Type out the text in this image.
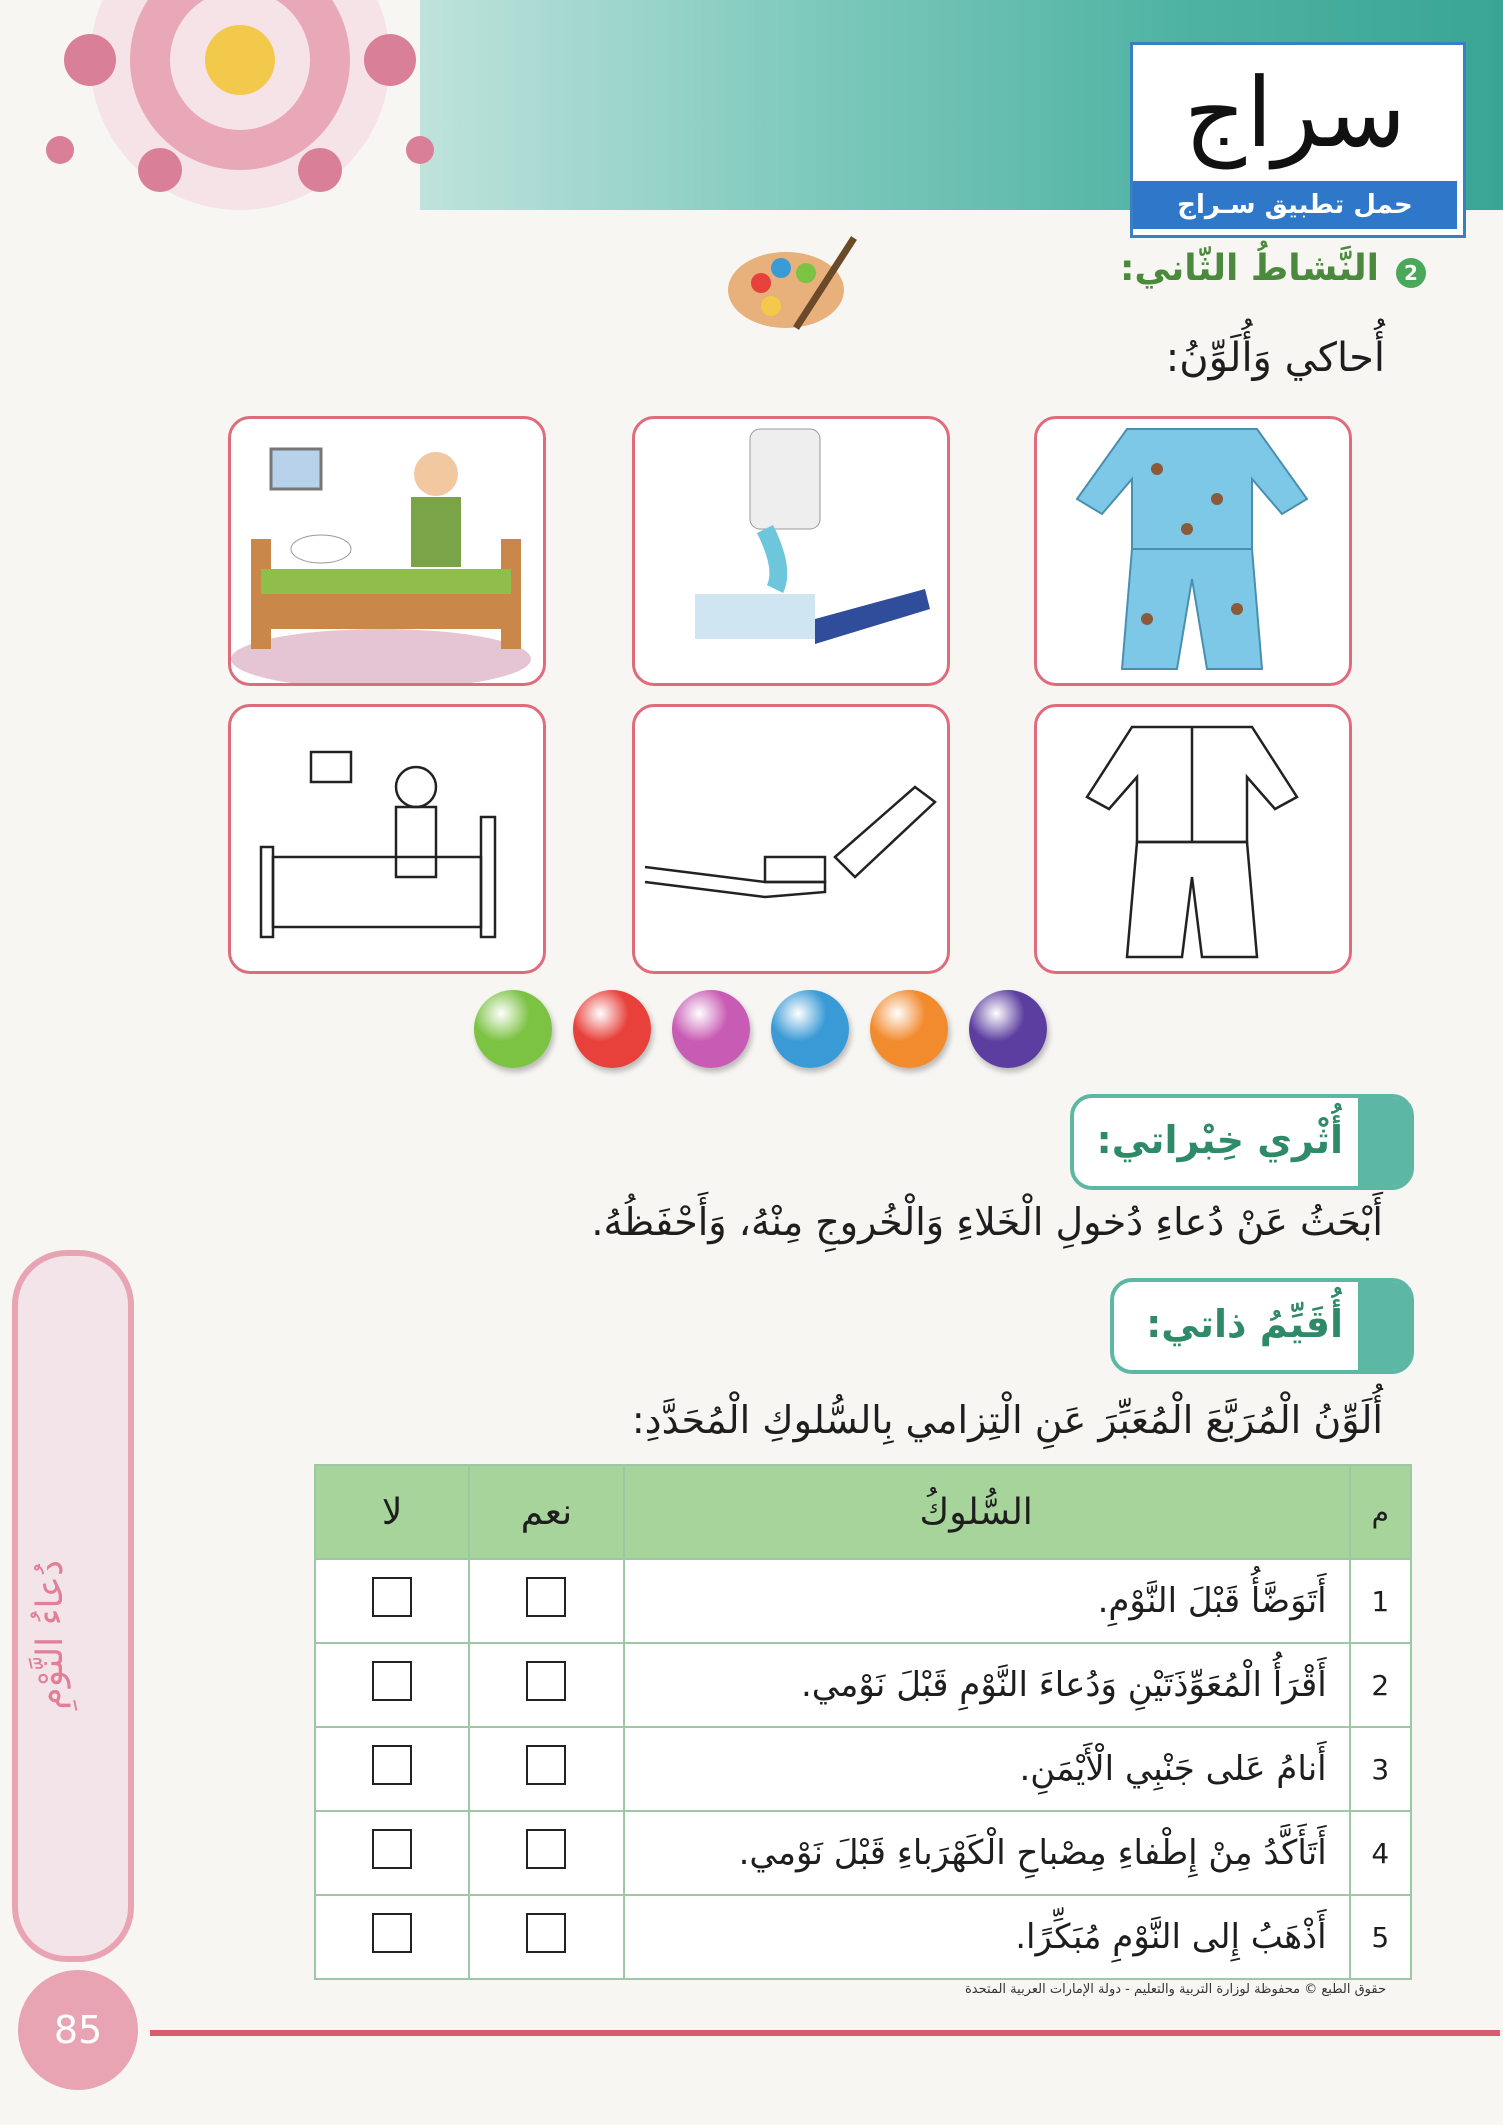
سراج
حمل تطبيق سـراج
2
النَّشاطُ الثّاني:
أُحاكي وَأُلَوِّنُ:
أُثْري خِبْراتي:
أَبْحَثُ عَنْ دُعاءِ دُخولِ الْخَلاءِ وَالْخُروجِ مِنْهُ، وَأَحْفَظُهُ.
أُقَيِّمُ ذاتي:
أُلَوِّنُ الْمُرَبَّعَ الْمُعَبِّرَ عَنِ الْتِزامي بِالسُّلوكِ الْمُحَدَّدِ:
م	السُّلوكُ	نعم	لا
1	أَتَوَضَّأُ قَبْلَ النَّوْمِ.		
2	أَقْرَأُ الْمُعَوِّذَتَيْنِ وَدُعاءَ النَّوْمِ قَبْلَ نَوْمي.		
3	أَنامُ عَلى جَنْبِي الْأَيْمَنِ.		
4	أَتَأَكَّدُ مِنْ إِطْفاءِ مِصْباحِ الْكَهْرَباءِ قَبْلَ نَوْمي.		
5	أَذْهَبُ إِلى النَّوْمِ مُبَكِّرًا.		
دُعاءُ النَّوْمِ
حقوق الطبع © محفوظة لوزارة التربية والتعليم - دولة الإمارات العربية المتحدة
85
